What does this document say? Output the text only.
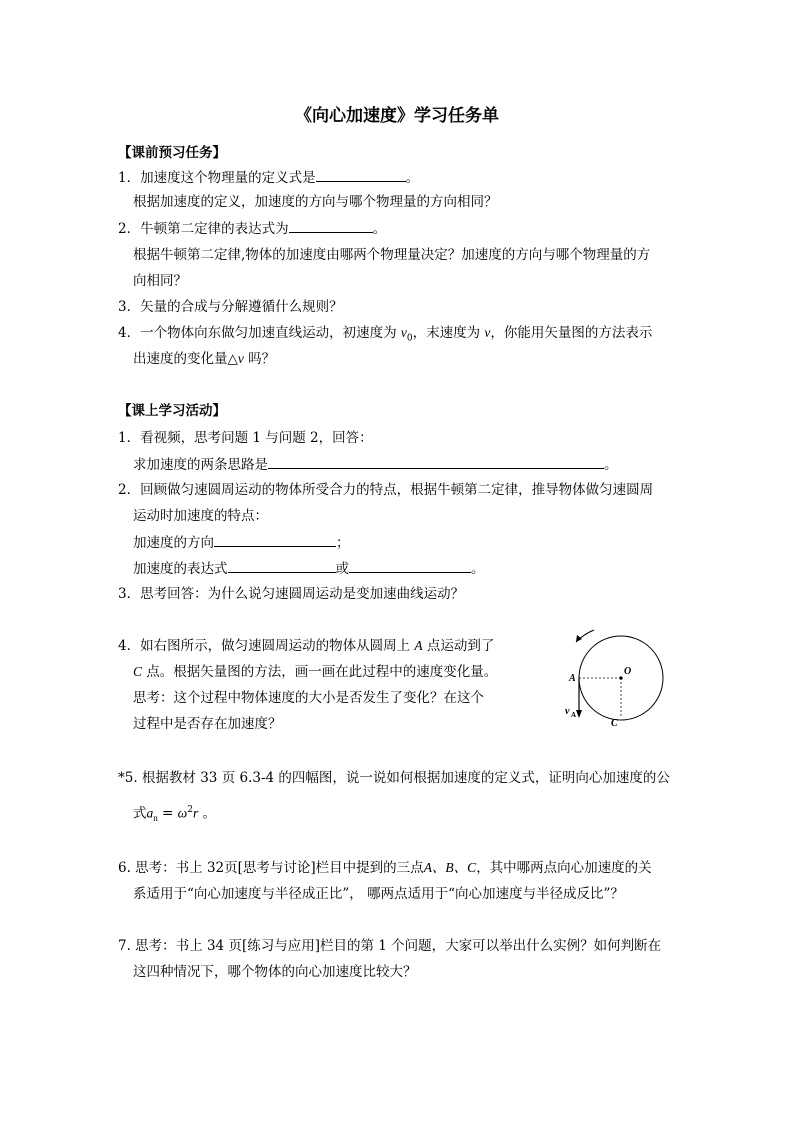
《向心加速度》学习任务单
【课前预习任务】
1．加速度这个物理量的定义式是	。
根据加速度的定义，加速度的方向与哪个物理量的方向相同？
2．牛顿第二定律的表达式为	。
根据牛顿第二定律,物体的加速度由哪两个物理量决定？加速度的方向与哪个物理量的方
向相同？
3．矢量的合成与分解遵循什么规则？
4．一个物体向东做匀加速直线运动，初速度为 $v_0$，末速度为 v，你能用矢量图的方法表示
出速度的变化量△v 吗？
【课上学习活动】
1．看视频，思考问题 1 与问题 2，回答：
求加速度的两条思路是	。
2．回顾做匀速圆周运动的物体所受合力的特点，根据牛顿第二定律，推导物体做匀速圆周
运动时加速度的特点：
加速度的方向	；
加速度的表达式	或	。
3．思考回答：为什么说匀速圆周运动是变加速曲线运动？
4．如右图所示，做匀速圆周运动的物体从圆周上 A 点运动到了
C 点。根据矢量图的方法，画一画在此过程中的速度变化量。
思考：这个过程中物体速度的大小是否发生了变化？在这个
过程中是否存在加速度？
O
A
C
v A
*5. 根据教材 33 页 6.3-4 的四幅图，说一说如何根据加速度的定义式，证明向心加速度的公
式$a_n = \omega^2r$ 。
6. 思考：书上 32页[思考与讨论]栏目中提到的三点A、B、C，其中哪两点向心加速度的关
系适用于“向心加速度与半径成正比”， 哪两点适用于“向心加速度与半径成反比”？
7. 思考：书上 34 页[练习与应用]栏目的第 1 个问题，大家可以举出什么实例？如何判断在
这四种情况下，哪个物体的向心加速度比较大？
